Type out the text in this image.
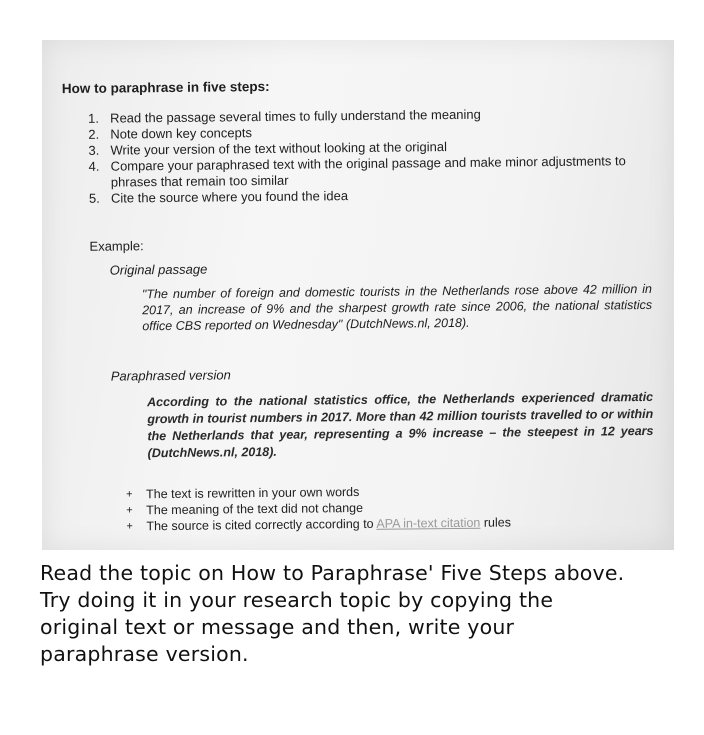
How to paraphrase in five steps:
1. Read the passage several times to fully understand the meaning
2. Note down key concepts
3. Write your version of the text without looking at the original
4. Compare your paraphrased text with the original passage and make minor adjustments to phrases that remain too similar
5. Cite the source where you found the idea
Example:
Original passage
"The number of foreign and domestic tourists in the Netherlands rose above 42 million in 2017, an increase of 9% and the sharpest growth rate since 2006, the national statistics office CBS reported on Wednesday" (DutchNews.nl, 2018).
Paraphrased version
According to the national statistics office, the Netherlands experienced dramatic growth in tourist numbers in 2017. More than 42 million tourists travelled to or within the Netherlands that year, representing a 9% increase – the steepest in 12 years (DutchNews.nl, 2018).
+ The text is rewritten in your own words
+ The meaning of the text did not change
+ The source is cited correctly according to APA in-text citation rules

Read the topic on How to Paraphrase' Five Steps above.

Try doing it in your research topic by copying the

original text or message and then, write your

paraphrase version.
